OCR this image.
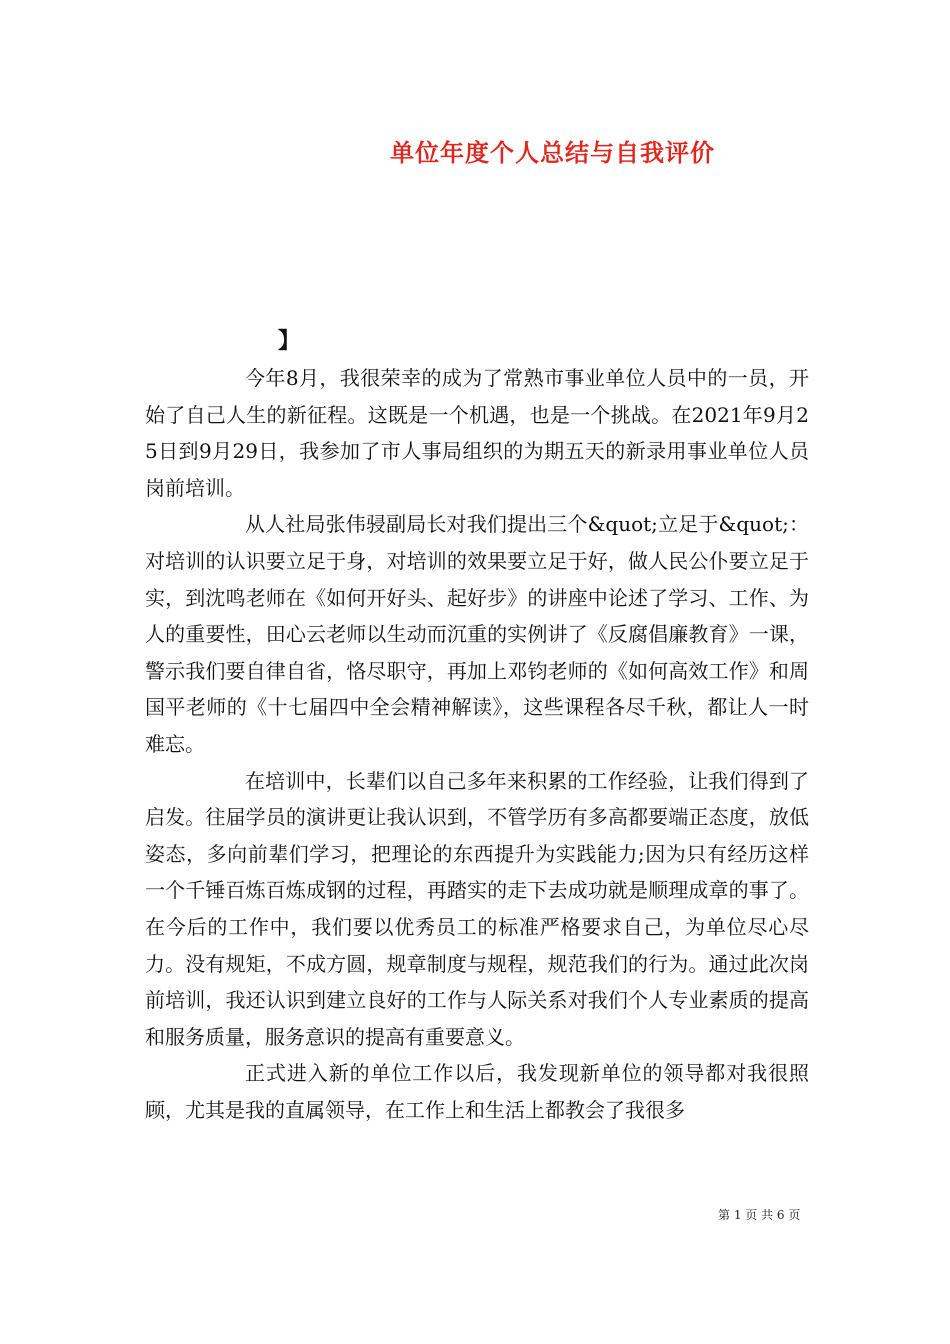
单位年度个人总结与自我评价
】

今年8月，我很荣幸的成为了常熟市事业单位人员中的一员，开始了自己人生的新征程。这既是一个机遇，也是一个挑战。在2021年9月25日到9月29日，我参加了市人事局组织的为期五天的新录用事业单位人员岗前培训。

从人社局张伟骎副局长对我们提出三个&quot;立足于&quot;：对培训的认识要立足于身，对培训的效果要立足于好，做人民公仆要立足于实，到沈鸣老师在《如何开好头、起好步》的讲座中论述了学习、工作、为人的重要性，田心云老师以生动而沉重的实例讲了《反腐倡廉教育》一课，警示我们要自律自省，恪尽职守，再加上邓钧老师的《如何高效工作》和周国平老师的《十七届四中全会精神解读》，这些课程各尽千秋，都让人一时难忘。

在培训中，长辈们以自己多年来积累的工作经验，让我们得到了启发。往届学员的演讲更让我认识到，不管学历有多高都要端正态度，放低姿态，多向前辈们学习，把理论的东西提升为实践能力;因为只有经历这样一个千锤百炼百炼成钢的过程，再踏实的走下去成功就是顺理成章的事了。在今后的工作中，我们要以优秀员工的标准严格要求自己，为单位尽心尽力。没有规矩，不成方圆，规章制度与规程，规范我们的行为。通过此次岗前培训，我还认识到建立良好的工作与人际关系对我们个人专业素质的提高和服务质量，服务意识的提高有重要意义。

正式进入新的单位工作以后，我发现新单位的领导都对我很照顾，尤其是我的直属领导，在工作上和生活上都教会了我很多

第 1 页 共 6 页
